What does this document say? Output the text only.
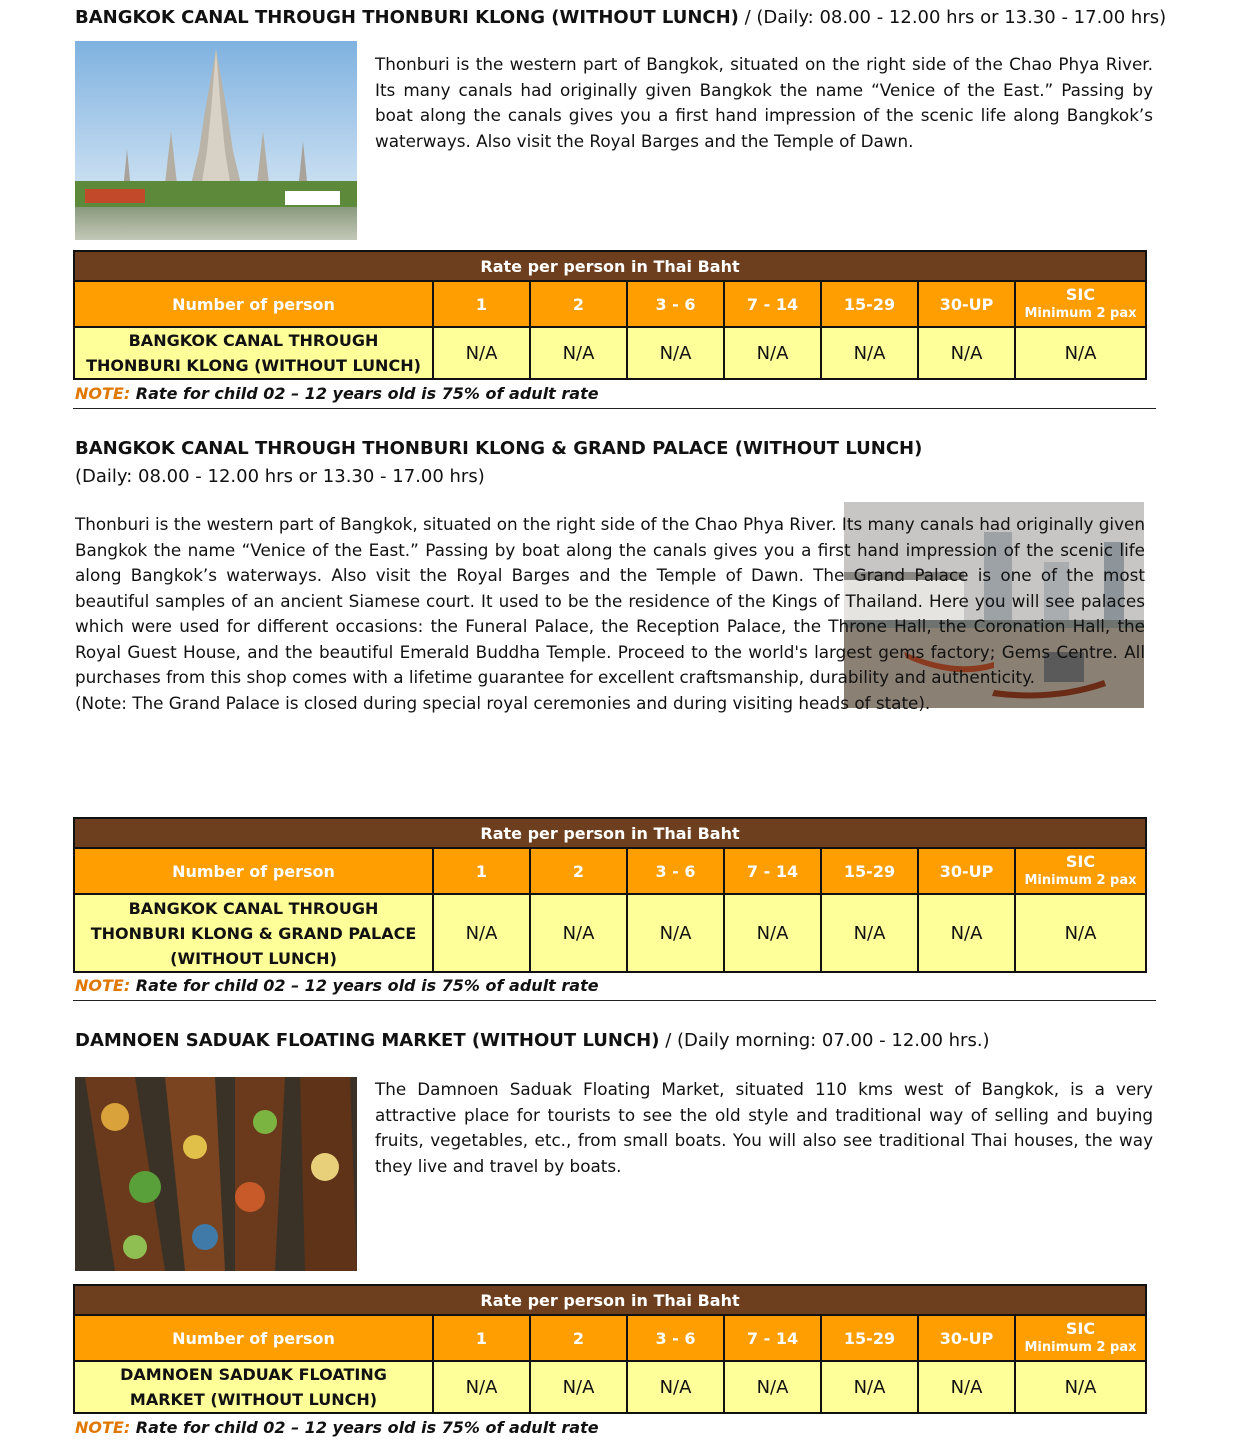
BANGKOK CANAL THROUGH THONBURI KLONG (WITHOUT LUNCH) / (Daily: 08.00 - 12.00 hrs or 13.30 - 17.00 hrs)

Thonburi is the western part of Bangkok, situated on the right side of the Chao Phya River. Its many canals had originally given Bangkok the name “Venice of the East.” Passing by boat along the canals gives you a first hand impression of the scenic life along Bangkok’s waterways. Also visit the Royal Barges and the Temple of Dawn.

Rate per person in Thai Baht							
Number of person	1	2	3 - 6	7 - 14	15-29	30-UP	SIC
Minimum 2 pax

BANGKOK CANAL THROUGH
THONBURI KLONG (WITHOUT LUNCH)	N/A	N/A	N/A	N/A	N/A	N/A	N/A
NOTE: Rate for child 02 – 12 years old is 75% of adult rate
BANGKOK CANAL THROUGH THONBURI KLONG & GRAND PALACE (WITHOUT LUNCH)
(Daily: 08.00 - 12.00 hrs or 13.30 - 17.00 hrs)

Thonburi is the western part of Bangkok, situated on the right side of the Chao Phya River. Its many canals had originally given Bangkok the name “Venice of the East.” Passing by boat along the canals gives you a first hand impression of the scenic life along Bangkok’s waterways. Also visit the Royal Barges and the Temple of Dawn. The Grand Palace is one of the most beautiful samples of an ancient Siamese court. It used to be the residence of the Kings of Thailand. Here you will see palaces which were used for different occasions: the Funeral Palace, the Reception Palace, the Throne Hall, the Coronation Hall, the Royal Guest House, and the beautiful Emerald Buddha Temple. Proceed to the world's largest gems factory; Gems Centre. All purchases from this shop comes with a lifetime guarantee for excellent craftsmanship, durability and authenticity.

(Note: The Grand Palace is closed during special royal ceremonies and during visiting heads of state).

Rate per person in Thai Baht							
Number of person	1	2	3 - 6	7 - 14	15-29	30-UP	SIC
Minimum 2 pax

BANGKOK CANAL THROUGH
THONBURI KLONG & GRAND PALACE
(WITHOUT LUNCH)	N/A	N/A	N/A	N/A	N/A	N/A	N/A
NOTE: Rate for child 02 – 12 years old is 75% of adult rate
DAMNOEN SADUAK FLOATING MARKET (WITHOUT LUNCH) / (Daily morning: 07.00 - 12.00 hrs.)

The Damnoen Saduak Floating Market, situated 110 kms west of Bangkok, is a very attractive place for tourists to see the old style and traditional way of selling and buying fruits, vegetables, etc., from small boats. You will also see traditional Thai houses, the way they live and travel by boats.

Rate per person in Thai Baht							
Number of person	1	2	3 - 6	7 - 14	15-29	30-UP	SIC
Minimum 2 pax

DAMNOEN SADUAK FLOATING
MARKET (WITHOUT LUNCH)	N/A	N/A	N/A	N/A	N/A	N/A	N/A
NOTE: Rate for child 02 – 12 years old is 75% of adult rate
